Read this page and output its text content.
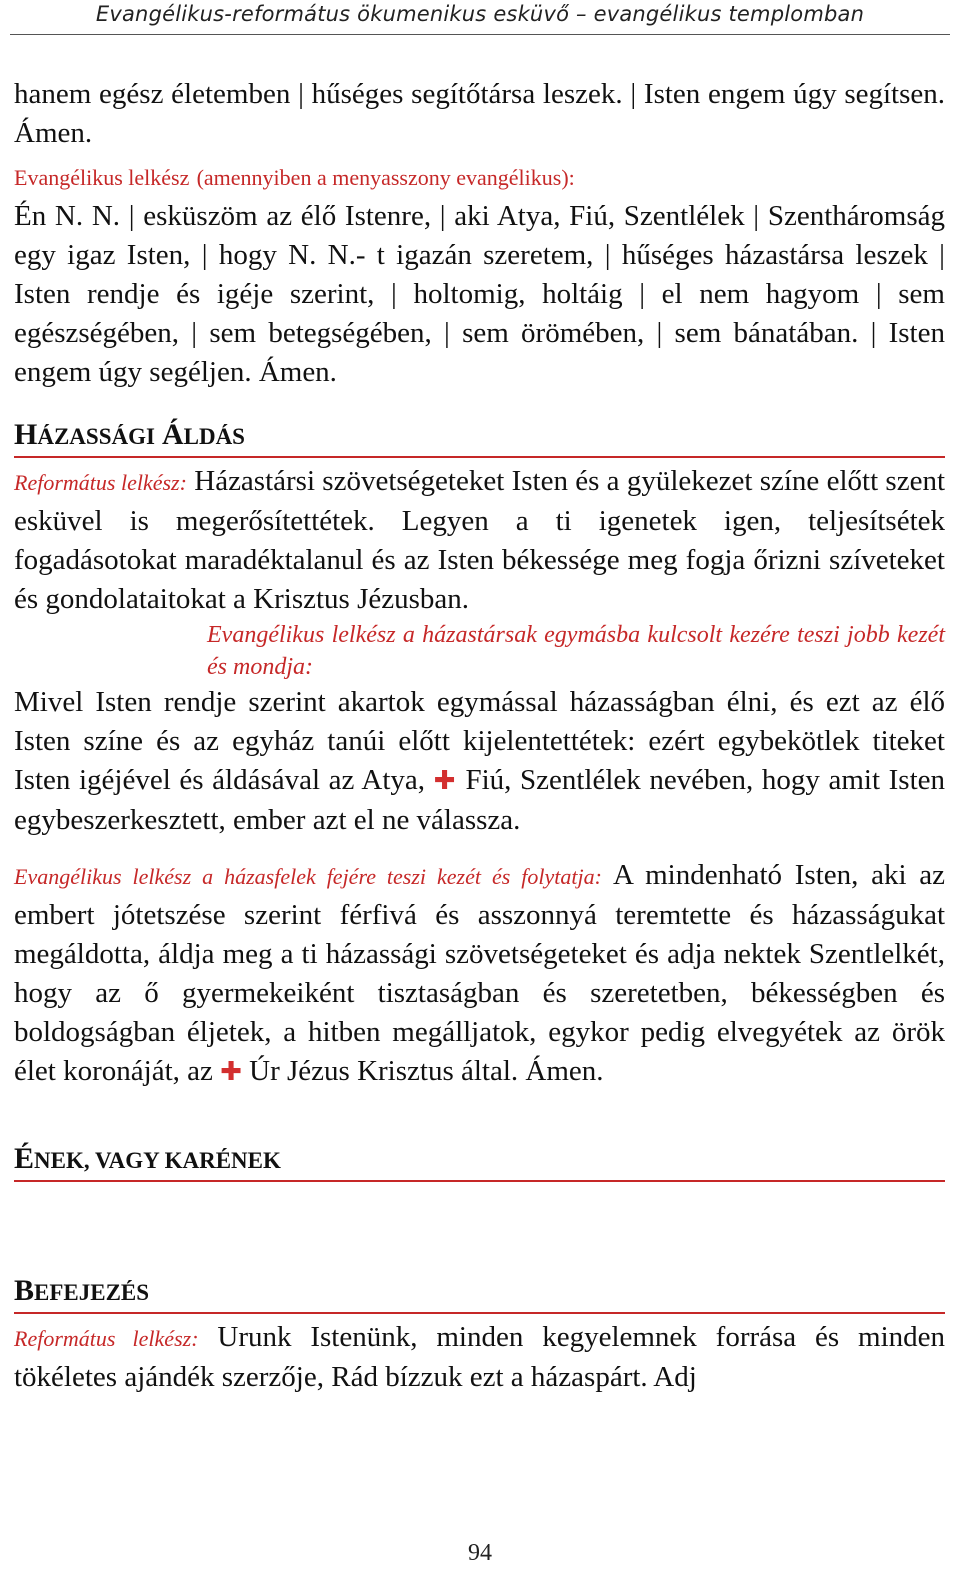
Evangélikus-református ökumenikus esküvő – evangélikus templomban

hanem egész életemben | hűséges segítőtársa leszek. | Isten engem úgy segítsen. Ámen.

Evangélikus lelkész (amennyiben a menyasszony evangélikus):

Én N. N. | esküszöm az élő Istenre, | aki Atya, Fiú, Szentlélek | Szentháromság egy igaz Isten, | hogy N. N.- t igazán szeretem, | hűséges házastársa leszek | Isten rendje és igéje szerint, | holtomig, holtáig | el nem hagyom | sem egészségében, | sem betegségében, | sem örömében, | sem bánatában. | Isten engem úgy segéljen. Ámen.

HÁZASSÁGI ÁLDÁS

Református lelkész: Házastársi szövetségeteket Isten és a gyülekezet színe előtt szent esküvel is megerősítettétek. Legyen a ti igenetek igen, teljesítsétek fogadásotokat maradéktalanul és az Isten békessége meg fogja őrizni szíveteket és gondolataitokat a Krisztus Jézusban.

Evangélikus lelkész a házastársak egymásba kulcsolt kezére teszi jobb kezét és mondja:

Mivel Isten rendje szerint akartok egymással házasságban élni, és ezt az élő Isten színe és az egyház tanúi előtt kijelentettétek: ezért egybekötlek titeket Isten igéjével és áldásával az Atya, ✚ Fiú, Szentlélek nevében, hogy amit Isten egybeszerkesztett, ember azt el ne válassza.

Evangélikus lelkész a házasfelek fejére teszi kezét és folytatja: A mindenható Isten, aki az embert jótetszése szerint férfivá és asszonnyá teremtette és házasságukat megáldotta, áldja meg a ti házassági szövetségeteket és adja nektek Szentlelkét, hogy az ő gyermekeiként tisztaságban és szeretetben, békességben és boldogságban éljetek, a hitben megálljatok, egykor pedig elvegyétek az örök élet koronáját, az ✚ Úr Jézus Krisztus által. Ámen.

ÉNEK, VAGY KARÉNEK
BEFEJEZÉS

Református lelkész: Urunk Istenünk, minden kegyelemnek forrása és minden tökéletes ajándék szerzője, Rád bízzuk ezt a házaspárt. Adj

94
